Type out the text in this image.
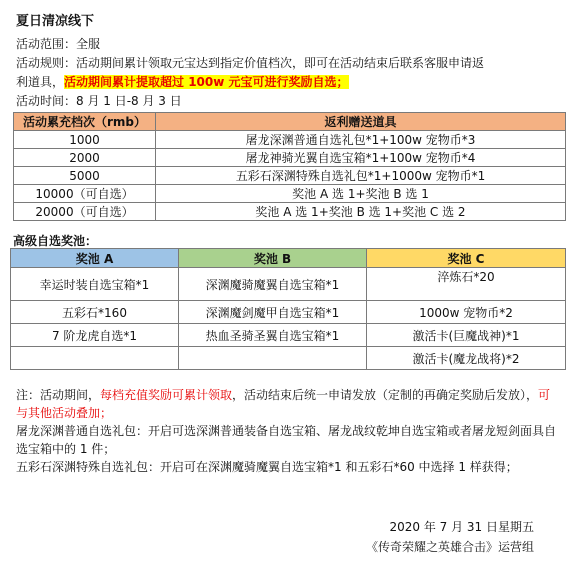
夏日清凉线下
活动范围：全服
活动规则：活动期间累计领取元宝达到指定价值档次，即可在活动结束后联系客服申请返
利道具，活动期间累计提取超过 100w 元宝可进行奖励自选；
活动时间：8 月 1 日-8 月 3 日
活动累充档次（rmb）	返利赠送道具
1000	屠龙深渊普通自选礼包*1+100w 宠物币*3
2000	屠龙神骑光翼自选宝箱*1+100w 宠物币*4
5000	五彩石深渊特殊自选礼包*1+1000w 宠物币*1
10000（可自选）	奖池 A 选 1+奖池 B 选 1
20000（可自选）	奖池 A 选 1+奖池 B 选 1+奖池 C 选 2
高级自选奖池：
奖池 A	奖池 B	奖池 C
幸运时装自选宝箱*1	深渊魔骑魔翼自选宝箱*1	淬炼石*20
五彩石*160	深渊魔剑魔甲自选宝箱*1	1000w 宠物币*2
7 阶龙虎自选*1	热血圣骑圣翼自选宝箱*1	激活卡(巨魔战神)*1
		激活卡(魔龙战将)*2

注：活动期间，每档充值奖励可累计领取，活动结束后统一申请发放（定制的再确定奖励后发放），可与其他活动叠加；

屠龙深渊普通自选礼包：开启可选深渊普通装备自选宝箱、屠龙战纹乾坤自选宝箱或者屠龙短剑面具自选宝箱中的 1 件；

五彩石深渊特殊自选礼包：开启可在深渊魔骑魔翼自选宝箱*1 和五彩石*60 中选择 1 样获得；

2020 年 7 月 31 日星期五
《传奇荣耀之英雄合击》运营组
